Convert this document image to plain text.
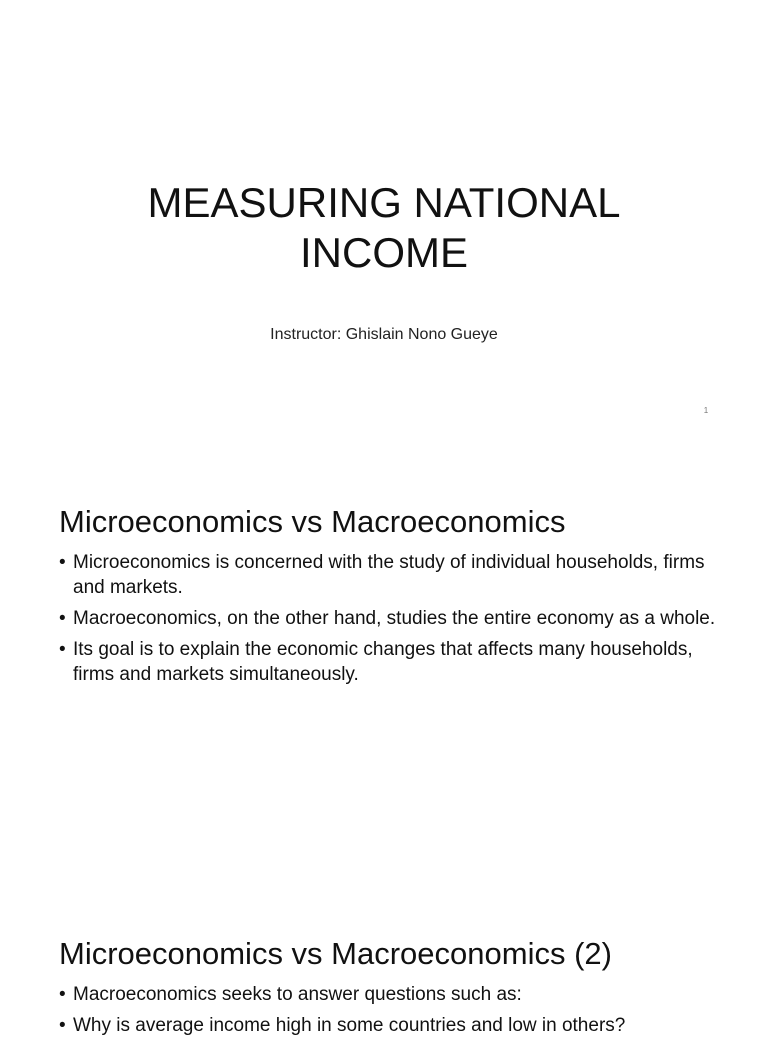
MEASURING NATIONAL INCOME
Instructor: Ghislain Nono Gueye
1
Microeconomics vs Macroeconomics
• Microeconomics is concerned with the study of individual households, firms and markets.
• Macroeconomics, on the other hand, studies the entire economy as a whole.
• Its goal is to explain the economic changes that affects many households, firms and markets simultaneously.
Microeconomics vs Macroeconomics (2)
• Macroeconomics seeks to answer questions such as:
• Why is average income high in some countries and low in others?
